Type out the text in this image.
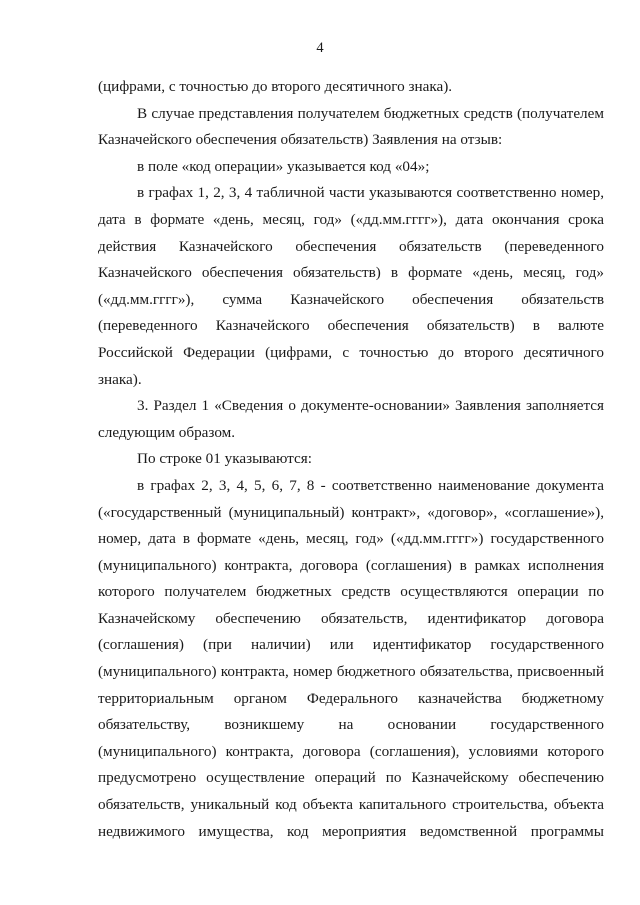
4
(цифрами, с точностью до второго десятичного знака).
В случае представления получателем бюджетных средств (получателем
Казначейского обеспечения обязательств) Заявления на отзыв:
в поле «код операции» указывается код «04»;
в графах 1, 2, 3, 4 табличной части указываются соответственно номер,
дата в формате «день, месяц, год» («дд.мм.гггг»), дата окончания срока
действия Казначейского обеспечения обязательств (переведенного
Казначейского обеспечения обязательств) в формате «день, месяц, год»
(«дд.мм.гггг»), сумма Казначейского обеспечения обязательств
(переведенного Казначейского обеспечения обязательств) в валюте
Российской Федерации (цифрами, с точностью до второго десятичного
знака).
3. Раздел 1 «Сведения о документе-основании» Заявления заполняется
следующим образом.
По строке 01 указываются:
в графах 2, 3, 4, 5, 6, 7, 8 - соответственно наименование документа
(«государственный (муниципальный) контракт», «договор», «соглашение»),
номер, дата в формате «день, месяц, год» («дд.мм.гггг») государственного
(муниципального) контракта, договора (соглашения) в рамках исполнения
которого получателем бюджетных средств осуществляются операции по
Казначейскому обеспечению обязательств, идентификатор договора
(соглашения) (при наличии) или идентификатор государственного
(муниципального) контракта, номер бюджетного обязательства, присвоенный
территориальным органом Федерального казначейства бюджетному
обязательству, возникшему на основании государственного
(муниципального) контракта, договора (соглашения), условиями которого
предусмотрено осуществление операций по Казначейскому обеспечению
обязательств, уникальный код объекта капитального строительства, объекта
недвижимого имущества, код мероприятия ведомственной программы
